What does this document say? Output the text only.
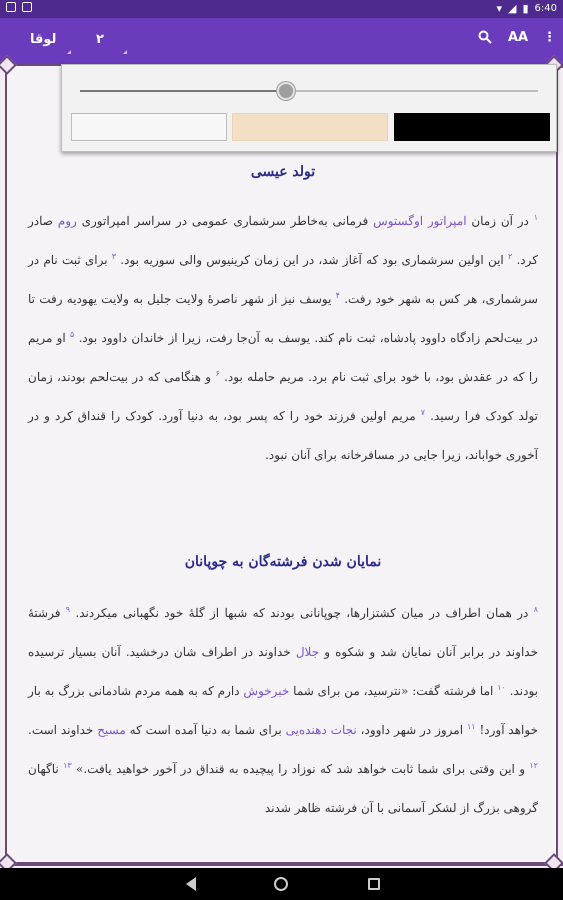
▾ ◢ ▮ 6:40
لوقا	۲	AA ⋮
تولد عیسی
$^۱$ در آن زمان امپراتور اوگستوس فرمانی به‌خاطر سرشماری عمومی در سراسر امپراتوری روم صادر کرد. $^۲$ این اولین سرشماری بود که آغاز شد، در این زمان کرینیوس والی سوریه بود. $^۳$ برای ثبت نام در سرشماری، هر کس به شهر خود رفت. $^۴$ یوسف نیز از شهر ناصرهٔ ولایت جلیل به ولایت یهودیه رفت تا در بیت‌لحم زادگاه داوود پادشاه، ثبت نام کند. یوسف به آن‌جا رفت، زیرا از خاندان داوود بود. $^۵$ او مریم را که در عقدش بود، با خود برای ثبت نام برد. مریم حامله بود. $^۶$ و هنگامی که در بیت‌لحم بودند، زمان تولد کودک فرا رسید. $^۷$ مریم اولین فرزند خود را که پسر بود، به دنیا آورد. کودک را قنداق کرد و در آخوری خواباند، زیرا جایی در مسافرخانه برای آنان نبود.
نمایان شدن فرشته‌گان به چوپانان
$^۸$ در همان اطراف در میان کشتزارها، چوپانانی بودند که شبها از گلهٔ خود نگهبانی میکردند. $^۹$ فرشتهٔ خداوند در برابر آنان نمایان شد و شکوه و جلال خداوند در اطراف شان درخشید. آنان بسیار ترسیده بودند. $^{۱۰}$ اما فرشته گفت: «نترسید، من برای شما خبرخوش دارم که به همه مردم شادمانی بزرگ به بار خواهد آورد! $^{۱۱}$ امروز در شهر داوود، نجات دهنده‌یی برای شما به دنیا آمده است که مسیح خداوند است. $^{۱۲}$ و این وقتی برای شما ثابت خواهد شد که نوزاد را پیچیده به قنداق در آخور خواهید یافت.» $^{۱۳}$ ناگهان گروهی بزرگ از لشکر آسمانی با آن فرشته ظاهر شدند
